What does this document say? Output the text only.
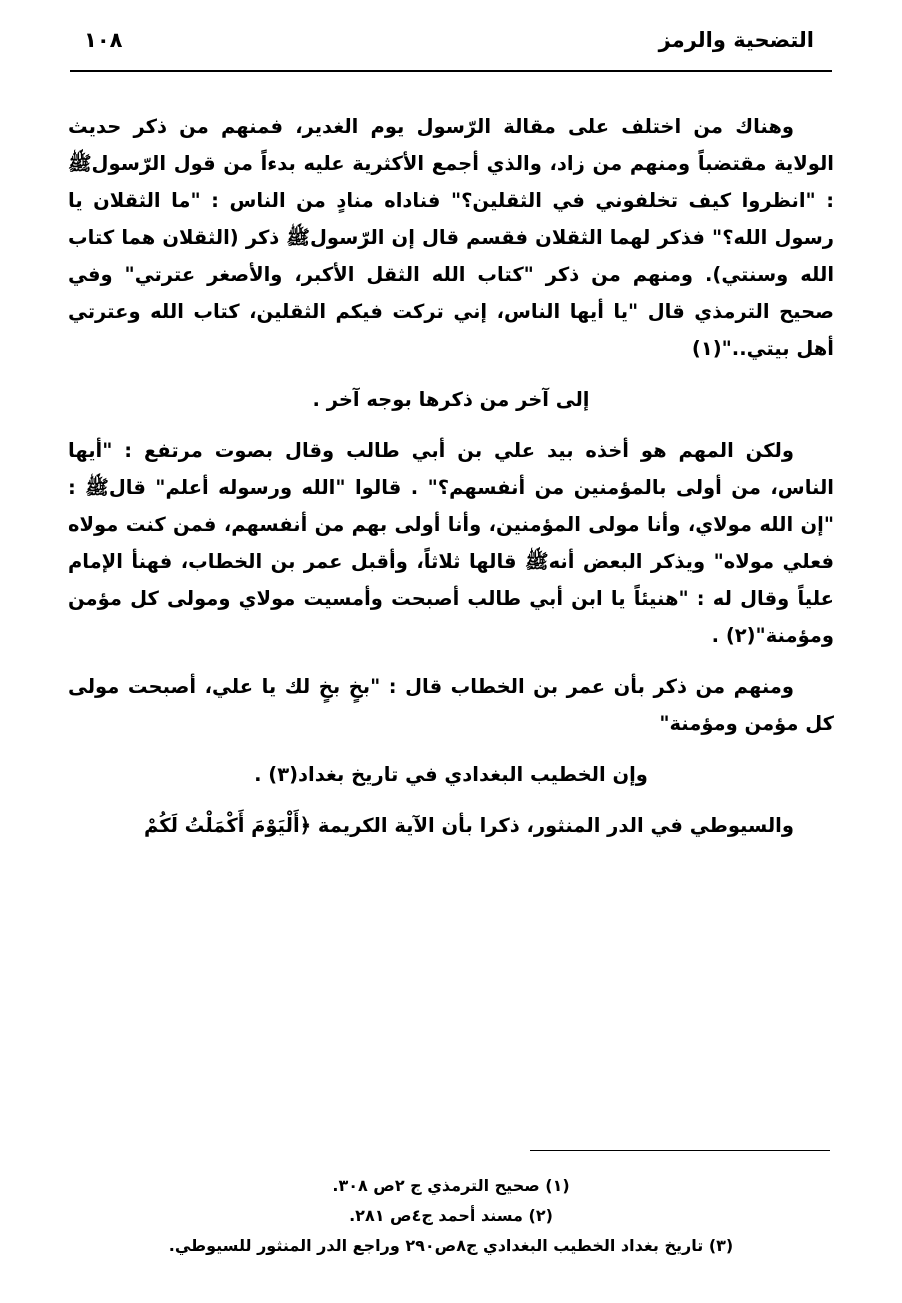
التضحية والرمز
١٠٨

وهناك من اختلف على مقالة الرّسول يوم الغدير، فمنهم من ذكر حديث الولاية مقتضباً ومنهم من زاد، والذي أجمع الأكثرية عليه بدءاً من قول الرّسولﷺ : "انظروا كيف تخلفوني في الثقلين؟" فناداه منادٍ من الناس : "ما الثقلان يا رسول الله؟" فذكر لهما الثقلان فقسم قال إن الرّسولﷺ ذكر (الثقلان هما كتاب الله وسنتي). ومنهم من ذكر "كتاب الله الثقل الأكبر، والأصغر عترتي" وفي صحيح الترمذي قال "يا أيها الناس، إني تركت فيكم الثقلين، كتاب الله وعترتي أهل بيتي.."(١)

إلى آخر من ذكرها بوجه آخر .

ولكن المهم هو أخذه بيد علي بن أبي طالب وقال بصوت مرتفع : "أيها الناس، من أولى بالمؤمنين من أنفسهم؟" . قالوا "الله ورسوله أعلم" قالﷺ : "إن الله مولاي، وأنا مولى المؤمنين، وأنا أولى بهم من أنفسهم، فمن كنت مولاه فعلي مولاه" ويذكر البعض أنهﷺ قالها ثلاثاً، وأقبل عمر بن الخطاب، فهنأ الإمام علياً وقال له : "هنيئاً يا ابن أبي طالب أصبحت وأمسيت مولاي ومولى كل مؤمن ومؤمنة"(٢) .

ومنهم من ذكر بأن عمر بن الخطاب قال : "بخٍ بخٍ لك يا علي، أصبحت مولى كل مؤمن ومؤمنة"

وإن الخطيب البغدادي في تاريخ بغداد(٣) .

والسيوطي في الدر المنثور، ذكرا بأن الآية الكريمة ﴿أَلْيَوْمَ أَكْمَلْتُ لَكُمْ

(١) صحيح الترمذي ج ٢ص ٣٠٨.

(٢) مسند أحمد ج٤ص ٢٨١.

(٣) تاريخ بغداد الخطيب البغدادي ج٨ص٢٩٠ وراجع الدر المنثور للسيوطي.
